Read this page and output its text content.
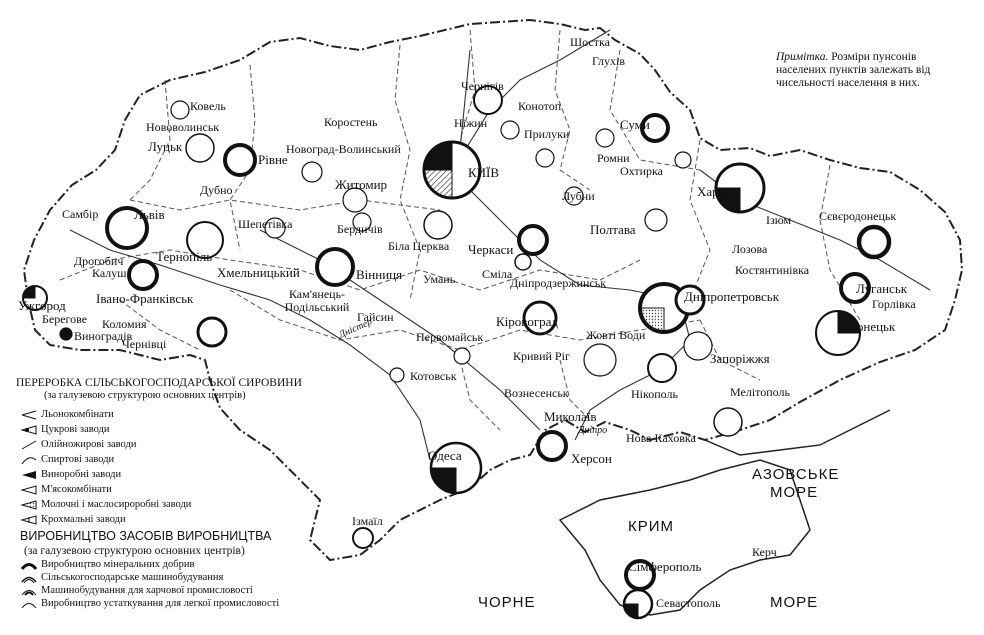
Примітка. Розміри пунсонів населених пунктів залежать від чисельності населення в них.
АЗОВСЬКЕ
МОРЕ
ЧОРНЕ	МОРЕ
КРИМ
Дністер
Дніпро
Шостка
Глухів
Чернігів
Конотоп
Ніжин
Прилуки
Суми
Ромни
Охтирка
Ковель
Нововолинськ
Луцьк
Коростень
Новоград-Волинський
Рівне
Дубно
КИЇВ
Житомир
Лубни	Харків
Самбір	Львів
Шепетівка	Бердичів	Полтава
Ізюм Сєвєродонецьк
Дрогобич	Тернопіль
Біла Церква Черкаси	Лозова
Калуш	Хмельницький	Вінниця Умань Сміла	Костянтинівка
Луганськ
Ужгород Івано-Франківськ	Кам'янець-Подільський
Дніпродзержинськ
Дніпропетровськ	Горлівка
Берегове Коломия	Гайсин	Кіровоград	Донецьк
Виноградів
Чернівці	Первомайськ	Жовті Води
Кривий Ріг	Запоріжжя
Котовськ
Вознесенськ	Нікополь	Мелітополь
Миколаїв
Нова Каховка
Одеса	Херсон
Ізмаїл
Керч
Сімферополь
Севастополь
ПЕРЕРОБКА СІЛЬСЬКОГОСПОДАРСЬКОЇ СИРОВИНИ
(за галузевою структурою основних центрів)
Льонокомбінати
Цукрові заводи
Олійножирові заводи
Спиртові заводи
Виноробні заводи
М'ясокомбінати
Молочні і маслосироробні заводи
Крохмальні заводи
ВИРОБНИЦТВО ЗАСОБІВ ВИРОБНИЦТВА
(за галузевою структурою основних центрів)
Виробництво мінеральних добрив
Сільськогосподарське машинобудування
Машинобудування для харчової промисловості
Виробництво устаткування для легкої промисловості
